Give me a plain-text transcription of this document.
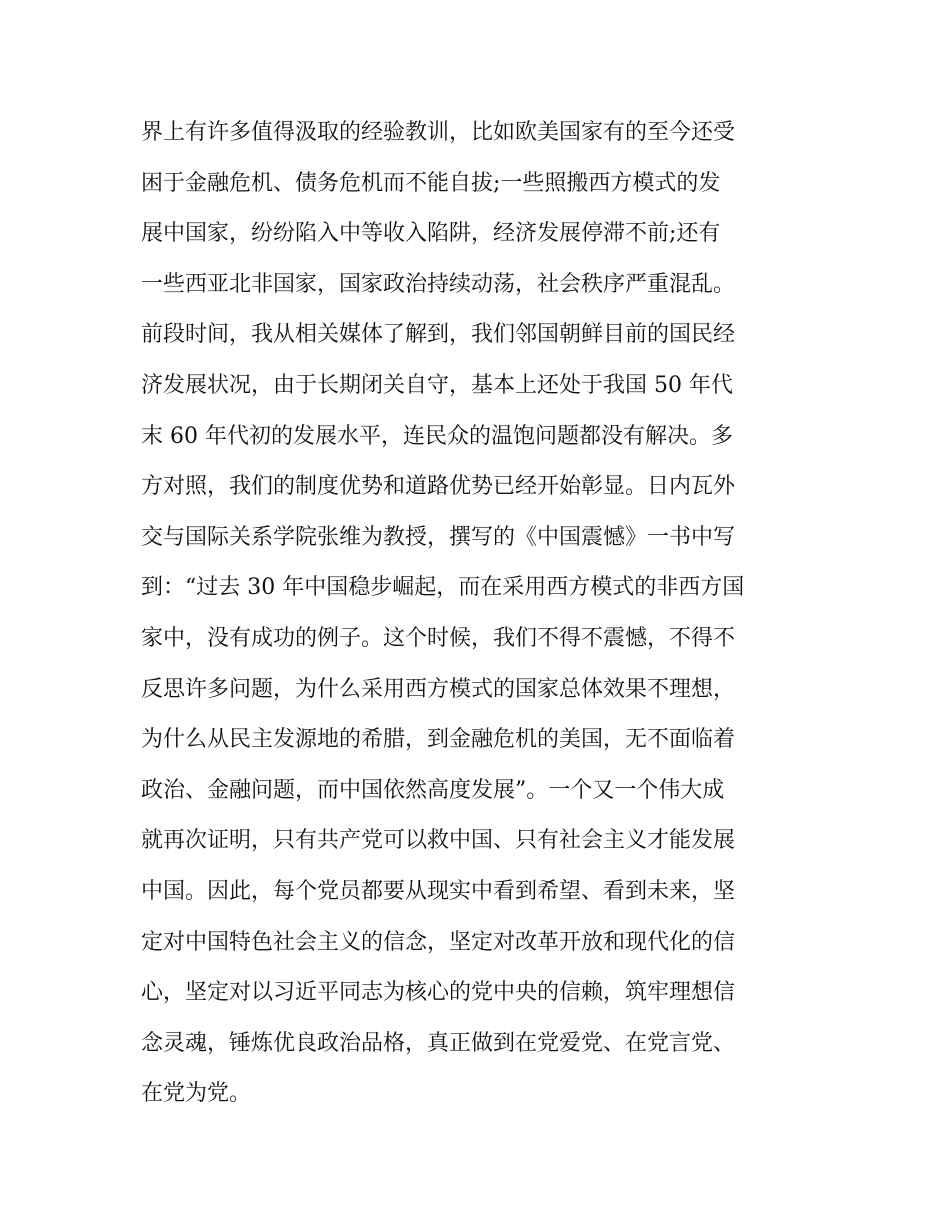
界上有许多值得汲取的经验教训，比如欧美国家有的至今还受
困于金融危机、债务危机而不能自拔;一些照搬西方模式的发
展中国家，纷纷陷入中等收入陷阱，经济发展停滞不前;还有
一些西亚北非国家，国家政治持续动荡，社会秩序严重混乱。
前段时间，我从相关媒体了解到，我们邻国朝鲜目前的国民经
济发展状况，由于长期闭关自守，基本上还处于我国 50 年代
末 60 年代初的发展水平，连民众的温饱问题都没有解决。多
方对照，我们的制度优势和道路优势已经开始彰显。日内瓦外
交与国际关系学院张维为教授，撰写的《中国震憾》一书中写
到：“过去 30 年中国稳步崛起，而在采用西方模式的非西方国
家中，没有成功的例子。这个时候，我们不得不震憾，不得不
反思许多问题，为什么采用西方模式的国家总体效果不理想，
为什么从民主发源地的希腊，到金融危机的美国，无不面临着
政治、金融问题，而中国依然高度发展”。一个又一个伟大成
就再次证明，只有共产党可以救中国、只有社会主义才能发展
中国。因此，每个党员都要从现实中看到希望、看到未来，坚
定对中国特色社会主义的信念，坚定对改革开放和现代化的信
心，坚定对以习近平同志为核心的党中央的信赖，筑牢理想信
念灵魂，锤炼优良政治品格，真正做到在党爱党、在党言党、
在党为党。
